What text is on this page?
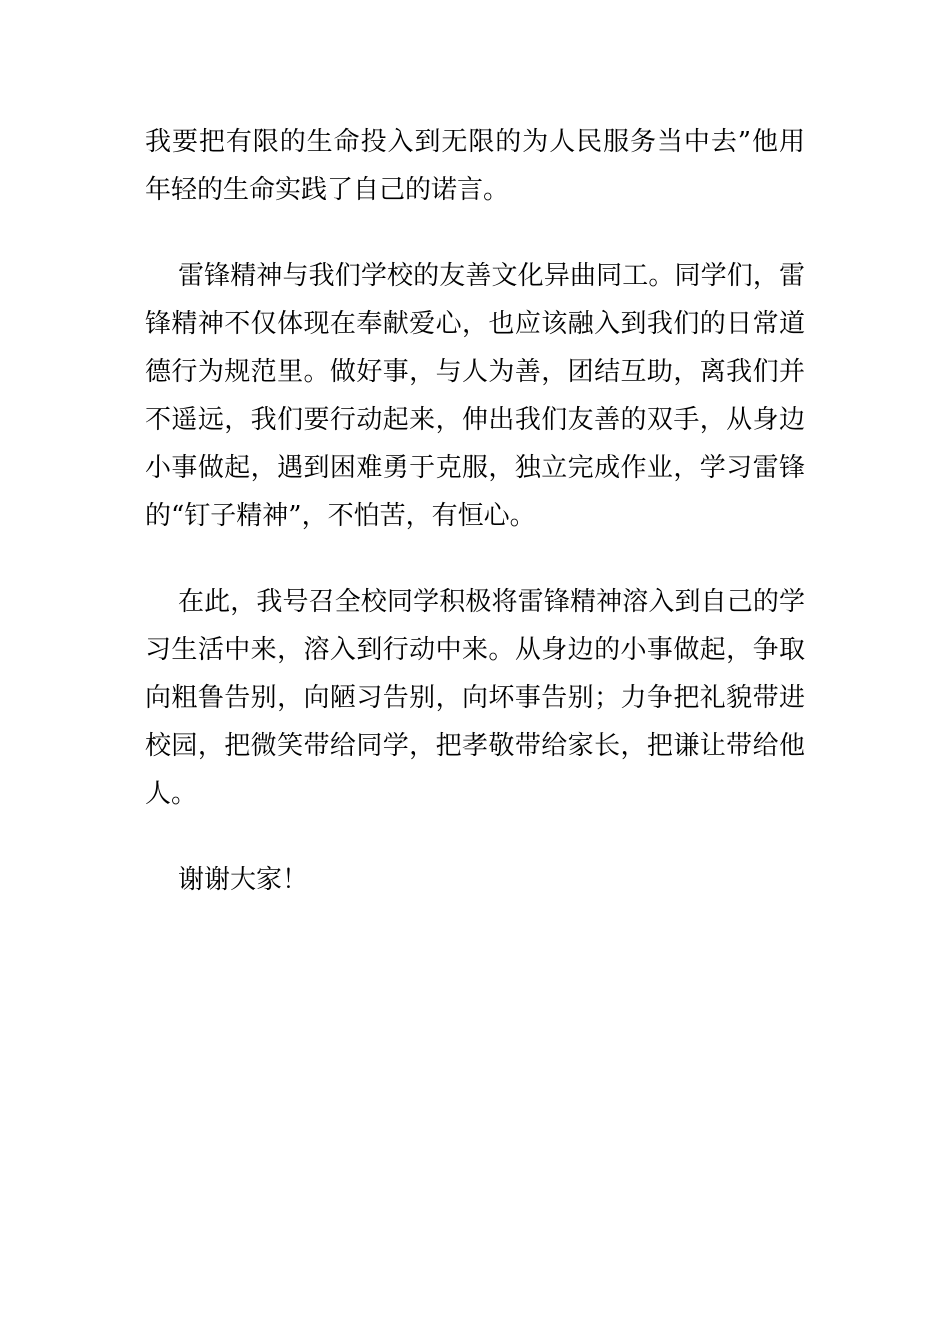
我要把有限的生命投入到无限的为人民服务当中去”他用年轻的生命实践了自己的诺言。

雷锋精神与我们学校的友善文化异曲同工。同学们，雷锋精神不仅体现在奉献爱心，也应该融入到我们的日常道德行为规范里。做好事，与人为善，团结互助，离我们并不遥远，我们要行动起来，伸出我们友善的双手，从身边小事做起，遇到困难勇于克服，独立完成作业，学习雷锋的“钉子精神”，不怕苦，有恒心。

在此，我号召全校同学积极将雷锋精神溶入到自己的学习生活中来，溶入到行动中来。从身边的小事做起，争取向粗鲁告别，向陋习告别，向坏事告别；力争把礼貌带进校园，把微笑带给同学，把孝敬带给家长，把谦让带给他人。

谢谢大家！
